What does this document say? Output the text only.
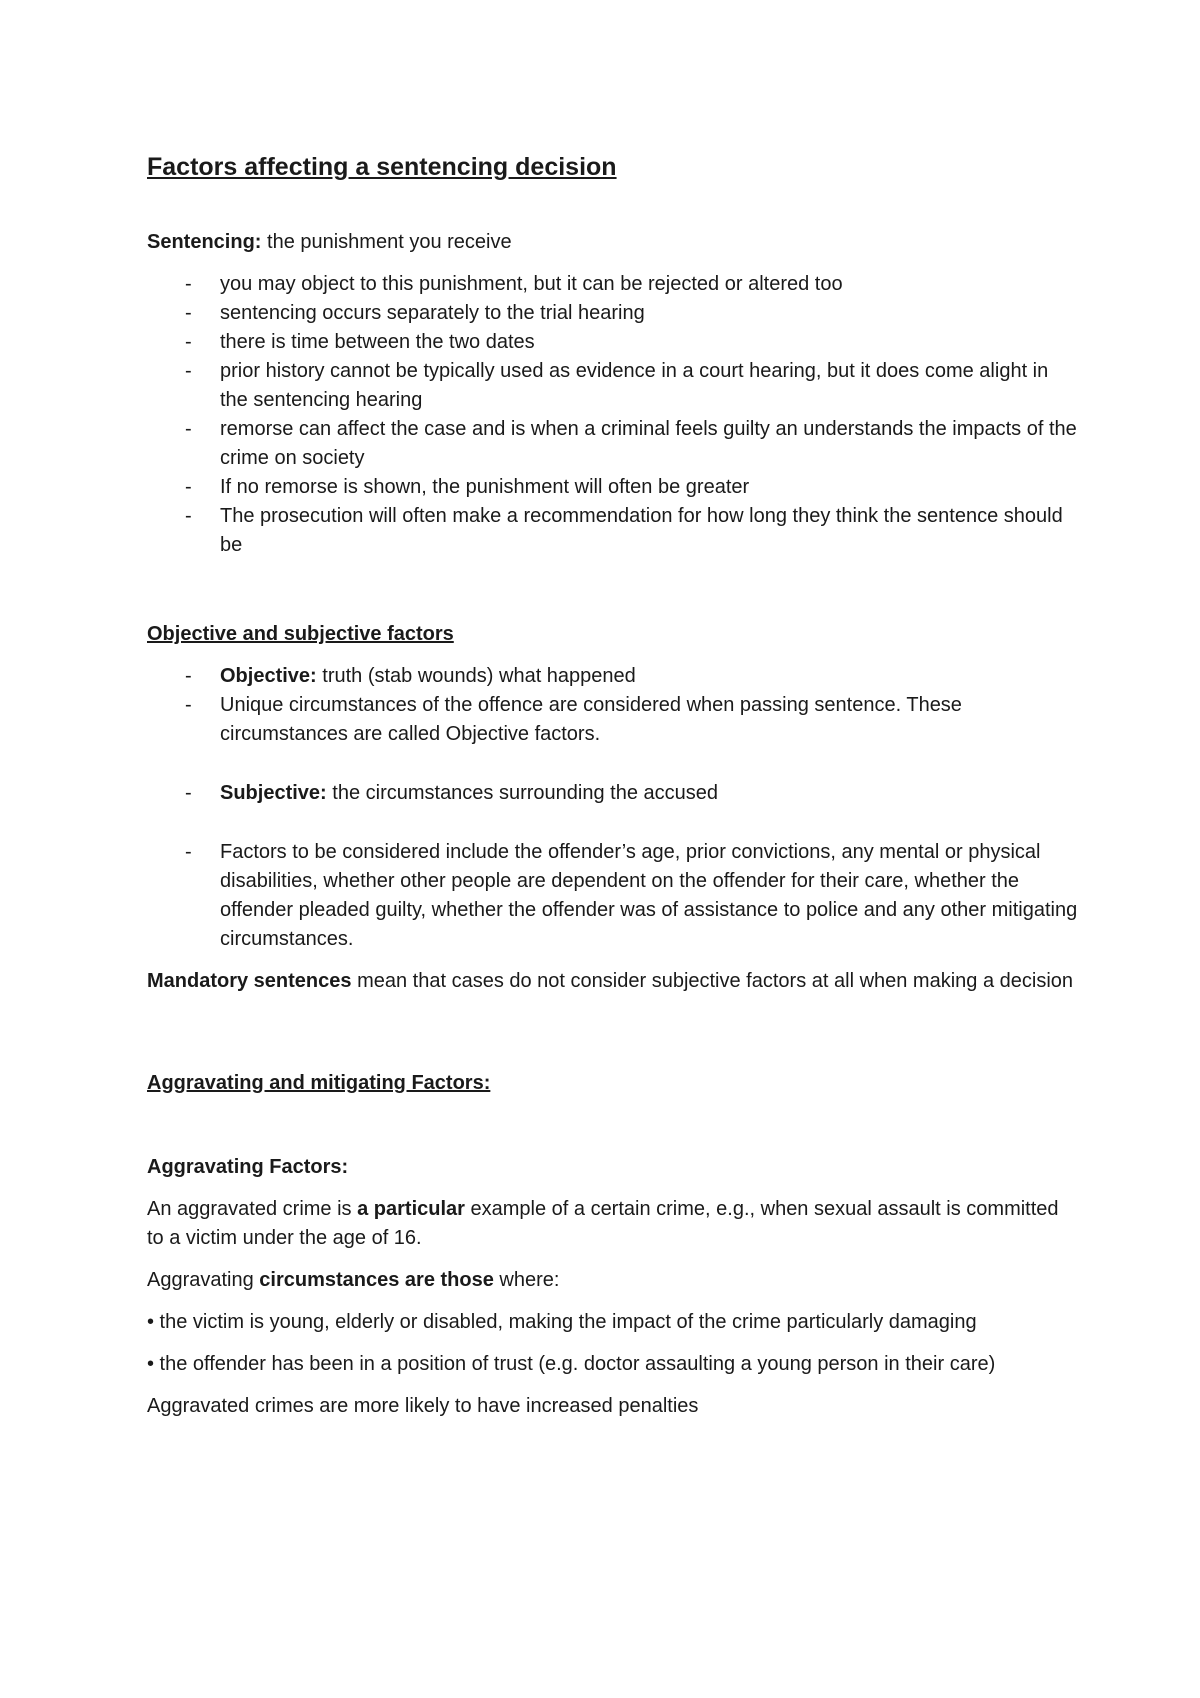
Factors affecting a sentencing decision
Sentencing: the punishment you receive
- you may object to this punishment, but it can be rejected or altered too
- sentencing occurs separately to the trial hearing
- there is time between the two dates
- prior history cannot be typically used as evidence in a court hearing, but it does come alight in the sentencing hearing
- remorse can affect the case and is when a criminal feels guilty an understands the impacts of the crime on society
- If no remorse is shown, the punishment will often be greater
- The prosecution will often make a recommendation for how long they think the sentence should be
Objective and subjective factors
- Objective: truth (stab wounds) what happened
- Unique circumstances of the offence are considered when passing sentence. These circumstances are called Objective factors.
- Subjective: the circumstances surrounding the accused
- Factors to be considered include the offender’s age, prior convictions, any mental or physical disabilities, whether other people are dependent on the offender for their care, whether the offender pleaded guilty, whether the offender was of assistance to police and any other mitigating circumstances.
Mandatory sentences mean that cases do not consider subjective factors at all when making a decision
Aggravating and mitigating Factors:
Aggravating Factors:
An aggravated crime is a particular example of a certain crime, e.g., when sexual assault is committed to a victim under the age of 16.
Aggravating circumstances are those where:
• the victim is young, elderly or disabled, making the impact of the crime particularly damaging
• the offender has been in a position of trust (e.g. doctor assaulting a young person in their care)
Aggravated crimes are more likely to have increased penalties
